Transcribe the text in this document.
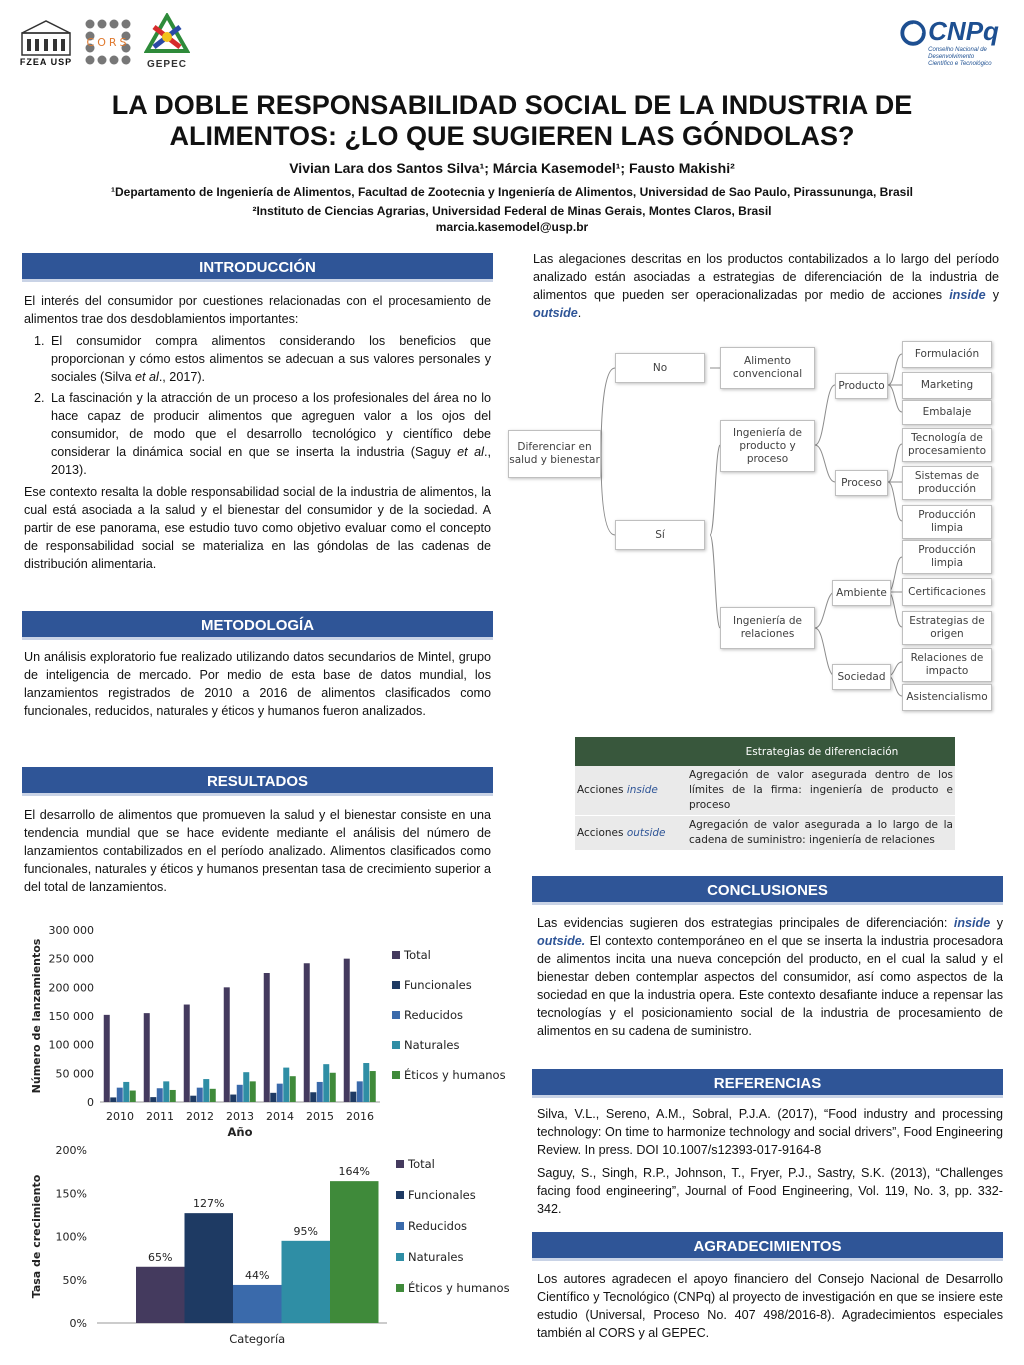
FZEA USP
CORS
GEPEC
CNPq
Conselho Nacional de Desenvolvimento
Científico e Tecnológico
LA DOBLE RESPONSABILIDAD SOCIAL DE LA INDUSTRIA DE
ALIMENTOS: ¿LO QUE SUGIEREN LAS GÓNDOLAS?
Vivian Lara dos Santos Silva¹; Márcia Kasemodel¹; Fausto Makishi²
¹Departamento de Ingeniería de Alimentos, Facultad de Zootecnia y Ingeniería de Alimentos, Universidad de Sao Paulo, Pirassununga, Brasil
²Instituto de Ciencias Agrarias, Universidad Federal de Minas Gerais, Montes Claros, Brasil
marcia.kasemodel@usp.br
INTRODUCCIÓN

El interés del consumidor por cuestiones relacionadas con el procesamiento de alimentos trae dos desdoblamientos importantes:

1. El consumidor compra alimentos considerando los beneficios que proporcionan y cómo estos alimentos se adecuan a sus valores personales y sociales (Silva et al., 2017).
2. La fascinación y la atracción de un proceso a los profesionales del área no lo hace capaz de producir alimentos que agreguen valor a los ojos del consumidor, de modo que el desarrollo tecnológico y científico debe considerar la dinámica social en que se inserta la industria (Saguy et al., 2013).

Ese contexto resalta la doble responsabilidad social de la industria de alimentos, la cual está asociada a la salud y el bienestar del consumidor y de la sociedad. A partir de ese panorama, ese estudio tuvo como objetivo evaluar como el concepto de responsabilidad social se materializa en las góndolas de las cadenas de distribución alimentaria.

METODOLOGÍA
Un análisis exploratorio fue realizado utilizando datos secundarios de Mintel, grupo de inteligencia de mercado. Por medio de esta base de datos mundial, los lanzamientos registrados de 2010 a 2016 de alimentos clasificados como funcionales, reducidos, naturales y éticos y humanos fueron analizados.
RESULTADOS
El desarrollo de alimentos que promueven la salud y el bienestar consiste en una tendencia mundial que se hace evidente mediante el análisis del número de lanzamientos contabilizados en el período analizado. Alimentos clasificados como funcionales, naturales y éticos y humanos presentan tasa de crecimiento superior a del total de lanzamientos.
0
50 000
100 000
150 000
200 000
250 000
300 000
2010 2011 2012 2013 2014 2015 2016
Año
Número de lanzamientos	Total
Funcionales
Reducidos
Naturales
Éticos y humanos
0%
50%
100%
150%
200%
65%
127%
44%
95%
164%
Categoría
Tasa de crecimiento
Total
Funcionales
Reducidos
Naturales
Éticos y humanos
Las alegaciones descritas en los productos contabilizados a lo largo del período analizado están asociadas a estrategias de diferenciación de la industria de alimentos que pueden ser operacionalizadas por medio de acciones inside y outside.
Diferenciar en salud y bienestar
No
Sí
Alimento convencional
Ingeniería de producto y proceso
Ingeniería de relaciones
Producto
Proceso
Ambiente
Sociedad
Formulación
Marketing
Embalaje
Tecnología de procesamiento
Sistemas de producción
Producción limpia
Producción limpia
Certificaciones
Estrategias de origen
Relaciones de impacto
Asistencialismo
	Estrategias de diferenciación
Acciones inside	Agregación de valor asegurada dentro de los límites de la firma: ingeniería de producto e proceso
Acciones outside	Agregación de valor asegurada a lo largo de la cadena de suministro: ingeniería de relaciones
CONCLUSIONES
Las evidencias sugieren dos estrategias principales de diferenciación: inside y outside. El contexto contemporáneo en el que se inserta la industria procesadora de alimentos incita una nueva concepción del producto, en el cual la salud y el bienestar deben contemplar aspectos del consumidor, así como aspectos de la sociedad en que la industria opera. Este contexto desafiante induce a repensar las tecnologías y el posicionamiento social de la industria de procesamiento de alimentos en su cadena de suministro.
REFERENCIAS

Silva, V.L., Sereno, A.M., Sobral, P.J.A. (2017), “Food industry and processing technology: On time to harmonize technology and social drivers”, Food Engineering Review. In press. DOI 10.1007/s12393-017-9164-8

Saguy, S., Singh, R.P., Johnson, T., Fryer, P.J., Sastry, S.K. (2013), “Challenges facing food engineering”, Journal of Food Engineering, Vol. 119, No. 3, pp. 332-342.

AGRADECIMIENTOS
Los autores agradecen el apoyo financiero del Consejo Nacional de Desarrollo Científico y Tecnológico (CNPq) al proyecto de investigación en que se insiere este estudio (Universal, Proceso No. 407 498/2016-8). Agradecimientos especiales también al CORS y al GEPEC.
